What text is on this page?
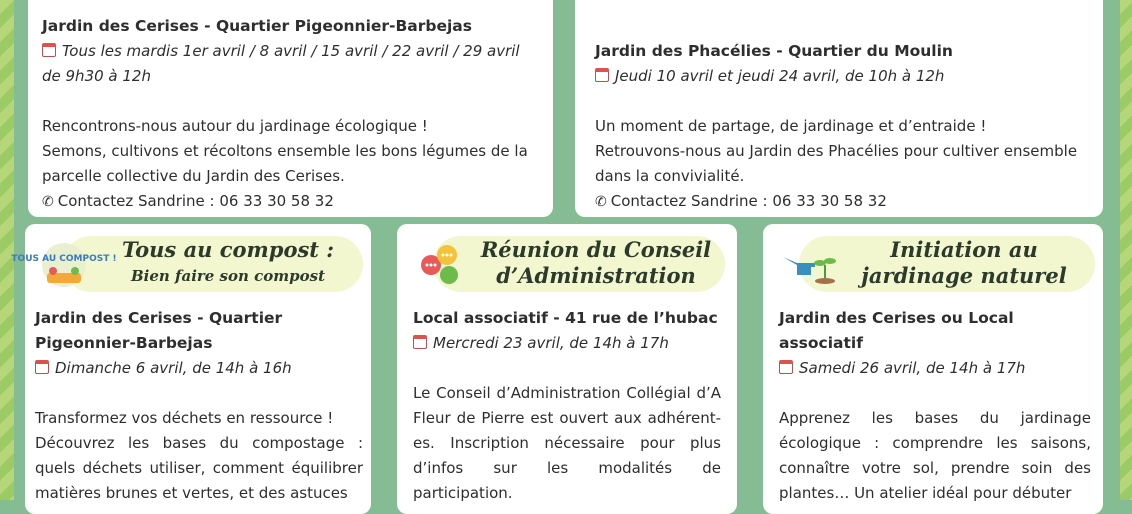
Jardin des Cerises - Quartier Pigeonnier-Barbejas

Tous les mardis 1er avril / 8 avril / 15 avril / 22 avril / 29 avril

de 9h30 à 12h

Rencontrons-nous autour du jardinage écologique !

Semons, cultivons et récoltons ensemble les bons légumes de la parcelle collective du Jardin des Cerises.

✆ Contactez Sandrine : 06 33 30 58 32

Jardin des Phacélies - Quartier du Moulin

Jeudi 10 avril et jeudi 24 avril, de 10h à 12h

Un moment de partage, de jardinage et d’entraide !

Retrouvons-nous au Jardin des Phacélies pour cultiver ensemble dans la convivialité.

✆ Contactez Sandrine : 06 33 30 58 32

TOUS AU COMPOST ! Tous au compost :
Bien faire son compost

Jardin des Cerises - Quartier Pigeonnier-Barbejas

Dimanche 6 avril, de 14h à 16h

Transformez vos déchets en ressource !

Découvrez les bases du compostage : quels déchets utiliser, comment équilibrer matières brunes et vertes, et des astuces

Réunion du Conseil
d’Administration

Local associatif - 41 rue de l’hubac

Mercredi 23 avril, de 14h à 17h

Le Conseil d’Administration Collégial d’A Fleur de Pierre est ouvert aux adhérent-es. Inscription nécessaire pour plus d’infos sur les modalités de participation.

Initiation au
jardinage naturel

Jardin des Cerises ou Local associatif

Samedi 26 avril, de 14h à 17h

Apprenez les bases du jardinage écologique : comprendre les saisons, connaître votre sol, prendre soin des plantes… Un atelier idéal pour débuter
